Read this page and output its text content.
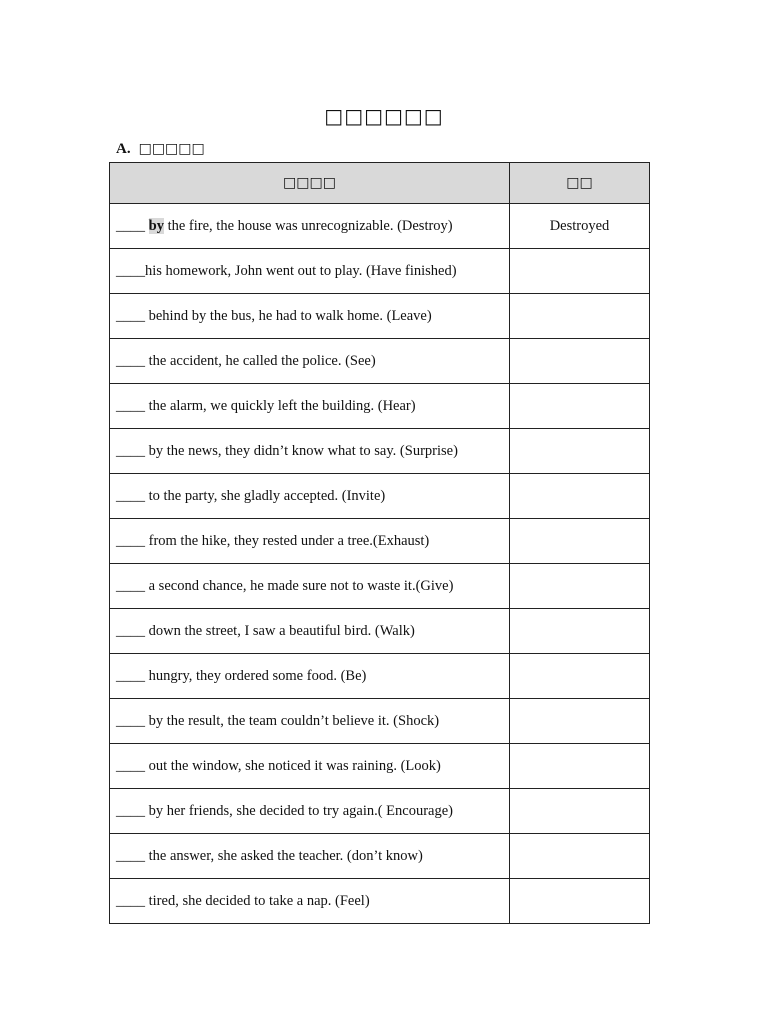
□□□□□□
A. □□□□□
□□□□	□□
____ by the fire, the house was unrecognizable. (Destroy)	Destroyed
____his homework, John went out to play. (Have finished)	
____ behind by the bus, he had to walk home. (Leave)	
____ the accident, he called the police. (See)	
____ the alarm, we quickly left the building. (Hear)	
____ by the news, they didn’t know what to say. (Surprise)	
____ to the party, she gladly accepted. (Invite)	
____ from the hike, they rested under a tree.(Exhaust)	
____ a second chance, he made sure not to waste it.(Give)	
____ down the street, I saw a beautiful bird. (Walk)	
____ hungry, they ordered some food. (Be)	
____ by the result, the team couldn’t believe it. (Shock)	
____ out the window, she noticed it was raining. (Look)	
____ by her friends, she decided to try again.( Encourage)	
____ the answer, she asked the teacher. (don’t know)	
____ tired, she decided to take a nap. (Feel)	
